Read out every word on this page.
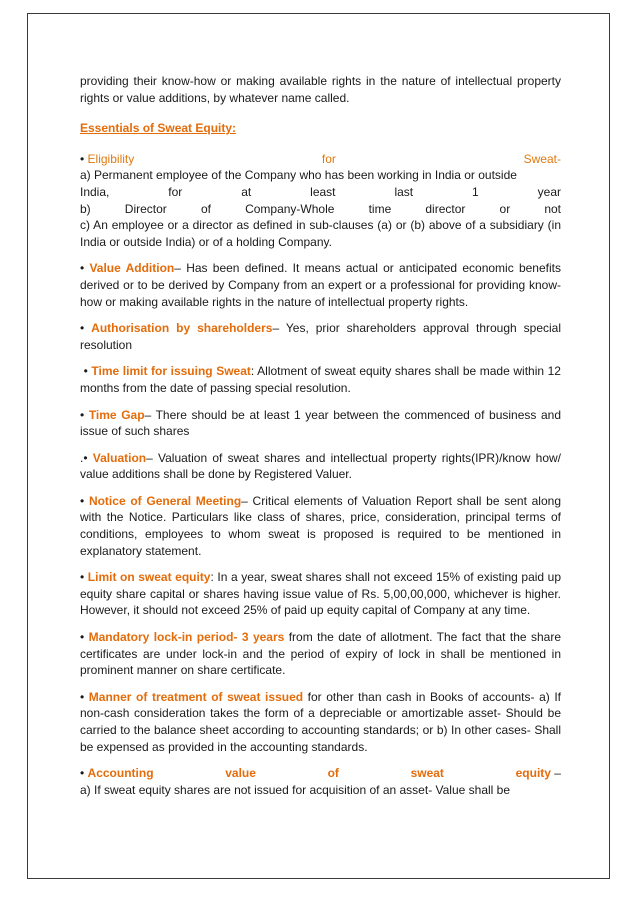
providing their know-how or making available rights in the nature of intellectual property rights or value additions, by whatever name called.

Essentials of Sweat Equity:

• Eligibility	for	Sweat-
a) Permanent employee of the Company who has been working in India or outside
India,	for	at	least	last	1	year
b)	Director	of	Company-Whole	time	director	or	not
c) An employee or a director as defined in sub-clauses (a) or (b) above of a subsidiary (in India or outside India) or of a holding Company.

• Value Addition– Has been defined. It means actual or anticipated economic benefits derived or to be derived by Company from an expert or a professional for providing know-how or making available rights in the nature of intellectual property rights.

• Authorisation by shareholders– Yes, prior shareholders approval through special resolution

• Time limit for issuing Sweat: Allotment of sweat equity shares shall be made within 12 months from the date of passing special resolution.

• Time Gap– There should be at least 1 year between the commenced of business and issue of such shares

.• Valuation– Valuation of sweat shares and intellectual property rights(IPR)/know how/ value additions shall be done by Registered Valuer.

• Notice of General Meeting– Critical elements of Valuation Report shall be sent along with the Notice. Particulars like class of shares, price, consideration, principal terms of conditions, employees to whom sweat is proposed is required to be mentioned in explanatory statement.

• Limit on sweat equity: In a year, sweat shares shall not exceed 15% of existing paid up equity share capital or shares having issue value of Rs. 5,00,00,000, whichever is higher. However, it should not exceed 25% of paid up equity capital of Company at any time.

• Mandatory lock-in period- 3 years from the date of allotment. The fact that the share certificates are under lock-in and the period of expiry of lock in shall be mentioned in prominent manner on share certificate.

• Manner of treatment of sweat issued for other than cash in Books of accounts- a) If non-cash consideration takes the form of a depreciable or amortizable asset- Should be carried to the balance sheet according to accounting standards; or b) In other cases- Shall be expensed as provided in the accounting standards.

• Accounting	value	of	sweat	equity –
a) If sweat equity shares are not issued for acquisition of an asset- Value shall be
